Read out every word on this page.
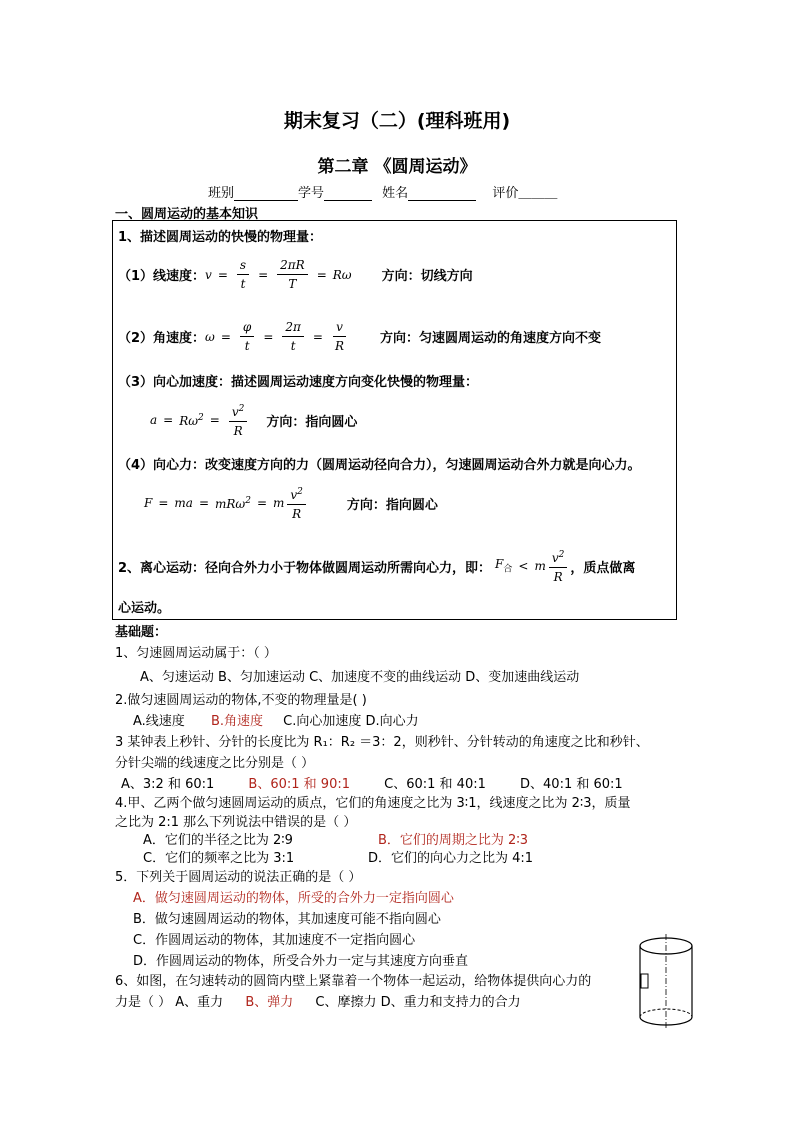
期末复习（二）(理科班用)
第二章 《圆周运动》
班别	学号	姓名	评价＿＿＿
一、圆周运动的基本知识
1、描述圆周运动的快慢的物理量：
（1）线速度： $v = \frac{s}{t} = \frac{2\pi R}{T} = R\omega$ 方向：切线方向
（2）角速度： $\omega = \frac{\varphi}{t} = \frac{2\pi}{t} = \frac{v}{R}$	方向：匀速圆周运动的角速度方向不变
（3）向心加速度：描述圆周运动速度方向变化快慢的物理量：
$a = R\omega^2 = \frac{v^2}{R}$ 方向：指向圆心
（4）向心力：改变速度方向的力（圆周运动径向合力），匀速圆周运动合外力就是向心力。
F = ma = mRω$^2$ = m $\frac{v^2}{R}$	方向：指向圆心
2、离心运动：径向合外力小于物体做圆周运动所需向心力，即： $F_合 < m \frac{v^2}{R}$ ，质点做离
心运动。
基础题：
1、匀速圆周运动属于：（ ）
A、匀速运动 B、匀加速运动 C、加速度不变的曲线运动 D、变加速曲线运动
2.做匀速圆周运动的物体,不变的物理量是( )
A.线速度 B.角速度 C.向心加速度 D.向心力
3 某钟表上秒针、分针的长度比为 R₁：R₂ ＝3：2，则秒针、分针转动的角速度之比和秒针、
分针尖端的线速度之比分别是（ ）
A、3:2 和 60:1	B、60:1 和 90:1	C、60:1 和 40:1	D、40:1 和 60:1
4.甲、乙两个做匀速圆周运动的质点，它们的角速度之比为 3∶1，线速度之比为 2∶3，质量
之比为 2:1 那么下列说法中错误的是（ ）
A．它们的半径之比为 2∶9	B．它们的周期之比为 2∶3
C．它们的频率之比为 3:1	D．它们的向心力之比为 4:1
5．下列关于圆周运动的说法正确的是（ ）
A．做匀速圆周运动的物体，所受的合外力一定指向圆心
B．做匀速圆周运动的物体，其加速度可能不指向圆心
C．作圆周运动的物体，其加速度不一定指向圆心
D．作圆周运动的物体，所受合外力一定与其速度方向垂直
6、如图，在匀速转动的圆筒内壁上紧靠着一个物体一起运动，给物体提供向心力的
力是（ ） A、重力 B、弹力 C、摩擦力 D、重力和支持力的合力
